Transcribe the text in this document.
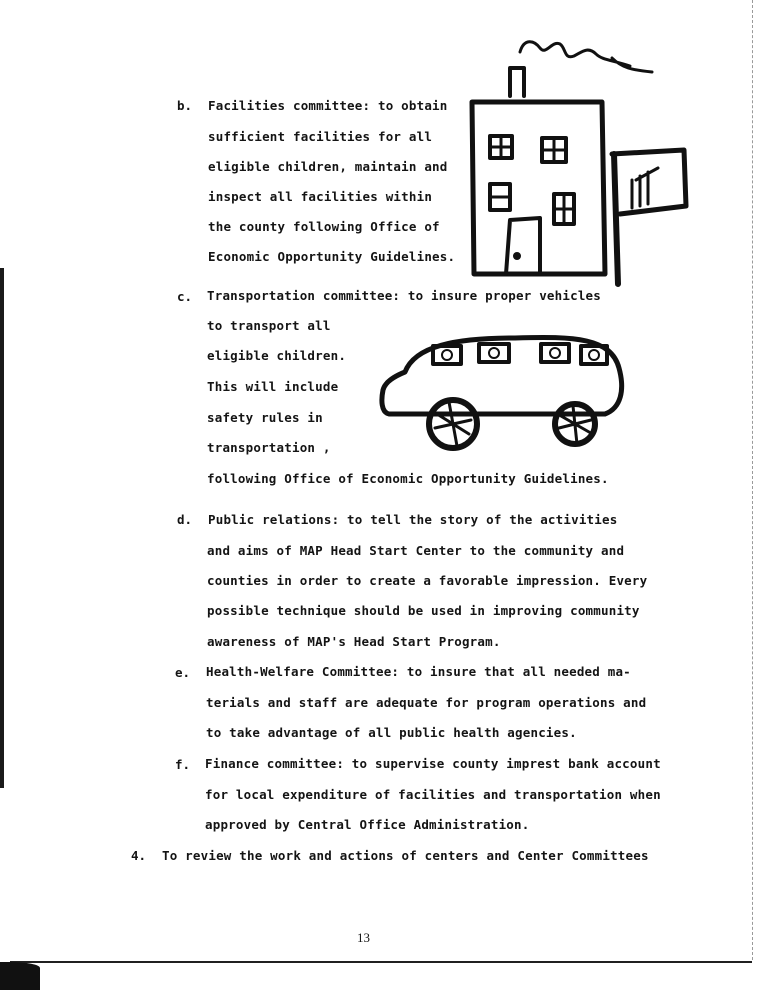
b. Facilities committee: to obtain
sufficient facilities for all
eligible children, maintain and
inspect all facilities within
the county following Office of
Economic Opportunity Guidelines.
c. Transportation committee: to insure proper vehicles
to transport all
eligible children.
This will include
safety rules in
transportation ,
following Office of Economic Opportunity Guidelines.
d. Public relations: to tell the story of the activities
and aims of MAP Head Start Center to the community and
counties in order to create a favorable impression. Every
possible technique should be used in improving community
awareness of MAP's Head Start Program.
e. Health-Welfare Committee: to insure that all needed ma-
terials and staff are adequate for program operations and
to take advantage of all public health agencies.
f. Finance committee: to supervise county imprest bank account
for local expenditure of facilities and transportation when
approved by Central Office Administration.
4. To review the work and actions of centers and Center Committees
13
